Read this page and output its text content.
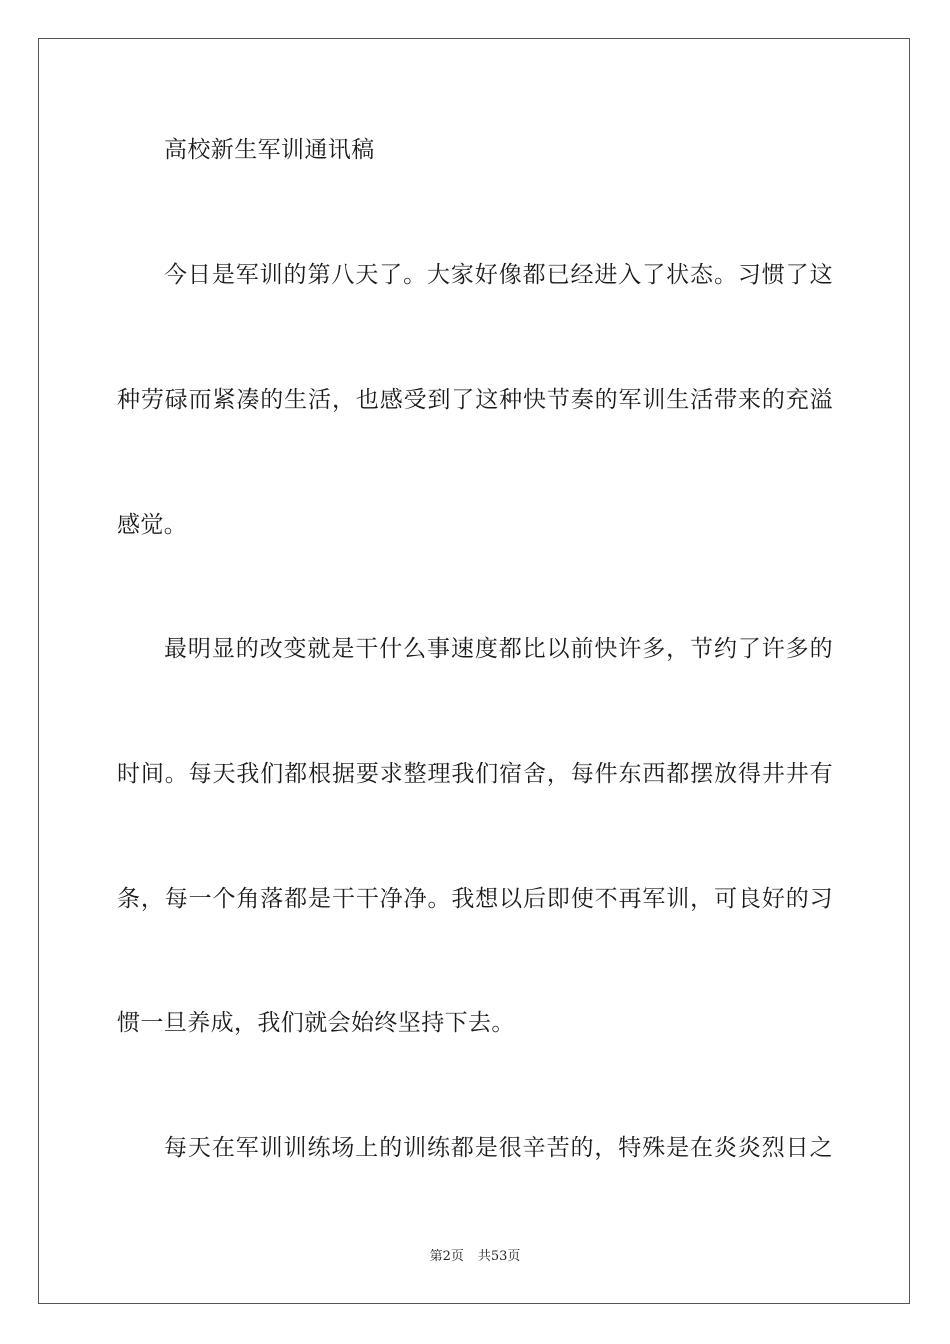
高校新生军训通讯稿
今日是军训的第八天了。大家好像都已经进入了状态。习惯了这
种劳碌而紧凑的生活，也感受到了这种快节奏的军训生活带来的充溢
感觉。
最明显的改变就是干什么事速度都比以前快许多，节约了许多的
时间。每天我们都根据要求整理我们宿舍，每件东西都摆放得井井有
条，每一个角落都是干干净净。我想以后即使不再军训，可良好的习
惯一旦养成，我们就会始终坚持下去。
每天在军训训练场上的训练都是很辛苦的，特殊是在炎炎烈日之
第2页 共53页
